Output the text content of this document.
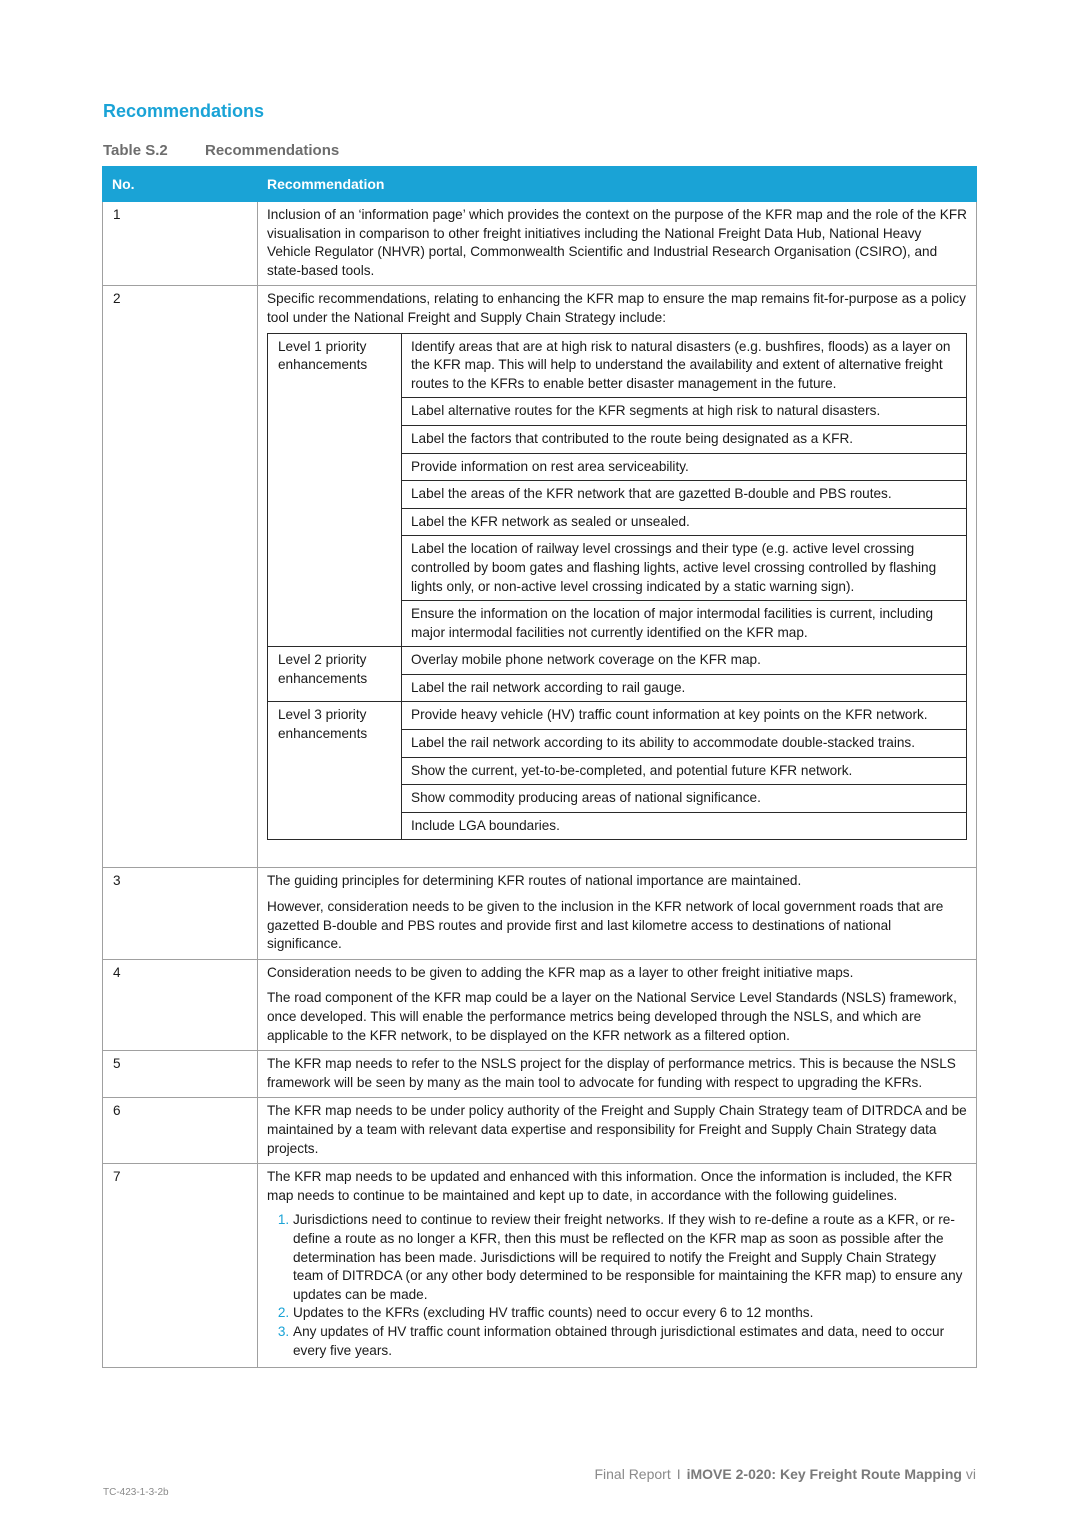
Recommendations
Table S.2 Recommendations
No.	Recommendation
1	Inclusion of an ‘information page’ which provides the context on the purpose of the KFR map and the role of the KFR visualisation in comparison to other freight initiatives including the National Freight Data Hub, National Heavy Vehicle Regulator (NHVR) portal, Commonwealth Scientific and Industrial Research Organisation (CSIRO), and state-based tools.

2	Specific recommendations, relating to enhancing the KFR map to ensure the map remains fit-for-purpose as a policy tool under the National Freight and Supply Chain Strategy include:

Level 1 priority enhancements	Identify areas that are at high risk to natural disasters (e.g. bushfires, floods) as a layer on the KFR map. This will help to understand the availability and extent of alternative freight routes to the KFRs to enable better disaster management in the future.
Label alternative routes for the KFR segments at high risk to natural disasters.
Label the factors that contributed to the route being designated as a KFR.
Provide information on rest area serviceability.
Label the areas of the KFR network that are gazetted B-double and PBS routes.
Label the KFR network as sealed or unsealed.
Label the location of railway level crossings and their type (e.g. active level crossing controlled by boom gates and flashing lights, active level crossing controlled by flashing lights only, or non-active level crossing indicated by a static warning sign).
Ensure the information on the location of major intermodal facilities is current, including major intermodal facilities not currently identified on the KFR map.
Level 2 priority enhancements	Overlay mobile phone network coverage on the KFR map.
Label the rail network according to rail gauge.
Level 3 priority enhancements	Provide heavy vehicle (HV) traffic count information at key points on the KFR network.
Label the rail network according to its ability to accommodate double-stacked trains.
Show the current, yet-to-be-completed, and potential future KFR network.
Show commodity producing areas of national significance.
Include LGA boundaries.

3	The guiding principles for determining KFR routes of national importance are maintained.

However, consideration needs to be given to the inclusion in the KFR network of local government roads that are gazetted B-double and PBS routes and provide first and last kilometre access to destinations of national significance.

4	Consideration needs to be given to adding the KFR map as a layer to other freight initiative maps.

The road component of the KFR map could be a layer on the National Service Level Standards (NSLS) framework, once developed. This will enable the performance metrics being developed through the NSLS, and which are applicable to the KFR network, to be displayed on the KFR network as a filtered option.

5	The KFR map needs to refer to the NSLS project for the display of performance metrics. This is because the NSLS framework will be seen by many as the main tool to advocate for funding with respect to upgrading the KFRs.

6	The KFR map needs to be under policy authority of the Freight and Supply Chain Strategy team of DITRDCA and be maintained by a team with relevant data expertise and responsibility for Freight and Supply Chain Strategy data projects.

7	The KFR map needs to be updated and enhanced with this information. Once the information is included, the KFR map needs to continue to be maintained and kept up to date, in accordance with the following guidelines.

1. Jurisdictions need to continue to review their freight networks. If they wish to re-define a route as a KFR, or re-define a route as no longer a KFR, then this must be reflected on the KFR map as soon as possible after the determination has been made. Jurisdictions will be required to notify the Freight and Supply Chain Strategy team of DITRDCA (or any other body determined to be responsible for maintaining the KFR map) to ensure any updates can be made.
2. Updates to the KFRs (excluding HV traffic counts) need to occur every 6 to 12 months.
3. Any updates of HV traffic count information obtained through jurisdictional estimates and data, need to occur every five years.
Final Report I iMOVE 2-020: Key Freight Route Mapping vi
TC-423-1-3-2b
